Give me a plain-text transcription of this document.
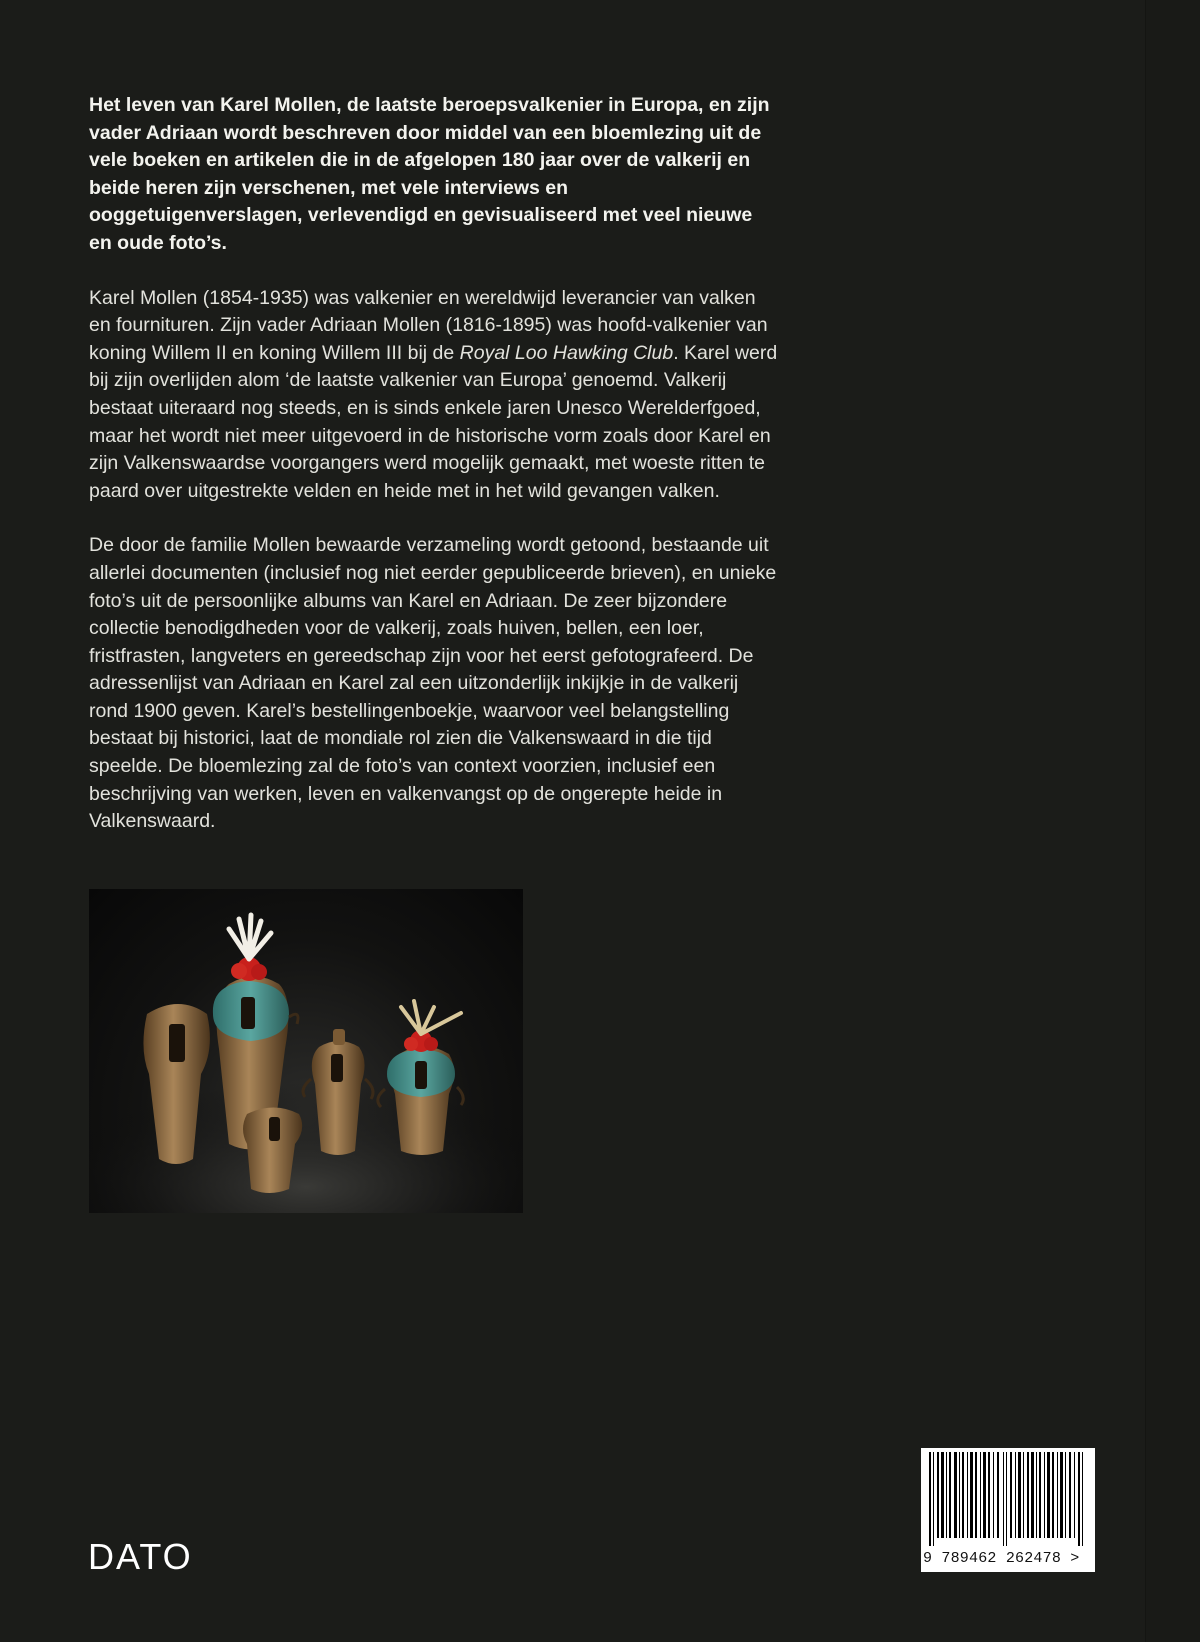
Het leven van Karel Mollen, de laatste beroepsvalkenier in Europa, en zijn vader Adriaan wordt beschreven door middel van een bloemlezing uit de vele boeken en artikelen die in de afgelopen 180 jaar over de valkerij en beide heren zijn verschenen, met vele interviews en ooggetuigenverslagen, verlevendigd en gevisualiseerd met veel nieuwe en oude foto’s.

Karel Mollen (1854-1935) was valkenier en wereldwijd leverancier van valken en fournituren. Zijn vader Adriaan Mollen (1816-1895) was hoofd-valkenier van koning Willem II en koning Willem III bij de Royal Loo Hawking Club. Karel werd bij zijn overlijden alom ‘de laatste valkenier van Europa’ genoemd. Valkerij bestaat uiteraard nog steeds, en is sinds enkele jaren Unesco Werelderfgoed, maar het wordt niet meer uitgevoerd in de historische vorm zoals door Karel en zijn Valkenswaardse voorgangers werd mogelijk gemaakt, met woeste ritten te paard over uitgestrekte velden en heide met in het wild gevangen valken.

De door de familie Mollen bewaarde verzameling wordt getoond, bestaande uit allerlei documenten (inclusief nog niet eerder gepubliceerde brieven), en unieke foto’s uit de persoonlijke albums van Karel en Adriaan. De zeer bijzondere collectie benodigdheden voor de valkerij, zoals huiven, bellen, een loer, fristfrasten, langveters en gereedschap zijn voor het eerst gefotografeerd. De adressenlijst van Adriaan en Karel zal een uitzonderlijk inkijkje in de valkerij rond 1900 geven. Karel’s bestellingenboekje, waarvoor veel belangstelling bestaat bij historici, laat de mondiale rol zien die Valkenswaard in die tijd speelde. De bloemlezing zal de foto’s van context voorzien, inclusief een beschrijving van werken, leven en valkenvangst op de ongerepte heide in Valkenswaard.

9 789462 262478 >
DATO
